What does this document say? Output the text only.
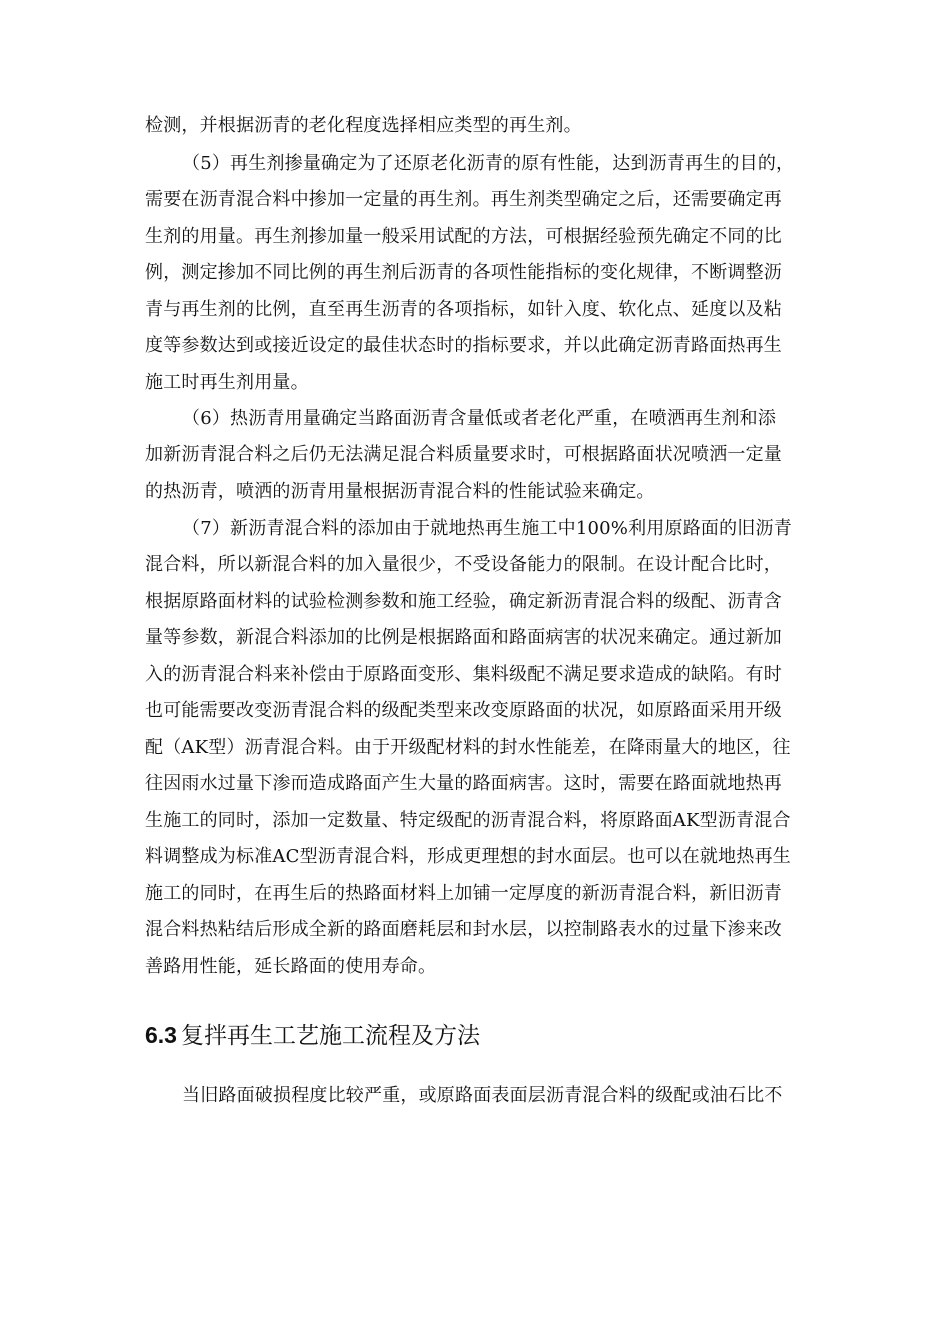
检测，并根据沥青的老化程度选择相应类型的再生剂。
（5）再生剂掺量确定为了还原老化沥青的原有性能，达到沥青再生的目的，
需要在沥青混合料中掺加一定量的再生剂。再生剂类型确定之后，还需要确定再
生剂的用量。再生剂掺加量一般采用试配的方法，可根据经验预先确定不同的比
例，测定掺加不同比例的再生剂后沥青的各项性能指标的变化规律，不断调整沥
青与再生剂的比例，直至再生沥青的各项指标，如针入度、软化点、延度以及粘
度等参数达到或接近设定的最佳状态时的指标要求，并以此确定沥青路面热再生
施工时再生剂用量。
（6）热沥青用量确定当路面沥青含量低或者老化严重，在喷洒再生剂和添
加新沥青混合料之后仍无法满足混合料质量要求时，可根据路面状况喷洒一定量
的热沥青，喷洒的沥青用量根据沥青混合料的性能试验来确定。
（7）新沥青混合料的添加由于就地热再生施工中100%利用原路面的旧沥青
混合料，所以新混合料的加入量很少，不受设备能力的限制。在设计配合比时，
根据原路面材料的试验检测参数和施工经验，确定新沥青混合料的级配、沥青含
量等参数，新混合料添加的比例是根据路面和路面病害的状况来确定。通过新加
入的沥青混合料来补偿由于原路面变形、集料级配不满足要求造成的缺陷。有时
也可能需要改变沥青混合料的级配类型来改变原路面的状况，如原路面采用开级
配（AK型）沥青混合料。由于开级配材料的封水性能差，在降雨量大的地区，往
往因雨水过量下渗而造成路面产生大量的路面病害。这时，需要在路面就地热再
生施工的同时，添加一定数量、特定级配的沥青混合料，将原路面AK型沥青混合
料调整成为标准AC型沥青混合料，形成更理想的封水面层。也可以在就地热再生
施工的同时，在再生后的热路面材料上加铺一定厚度的新沥青混合料，新旧沥青
混合料热粘结后形成全新的路面磨耗层和封水层，以控制路表水的过量下渗来改
善路用性能，延长路面的使用寿命。
6.3 复拌再生工艺施工流程及方法
当旧路面破损程度比较严重，或原路面表面层沥青混合料的级配或油石比不
